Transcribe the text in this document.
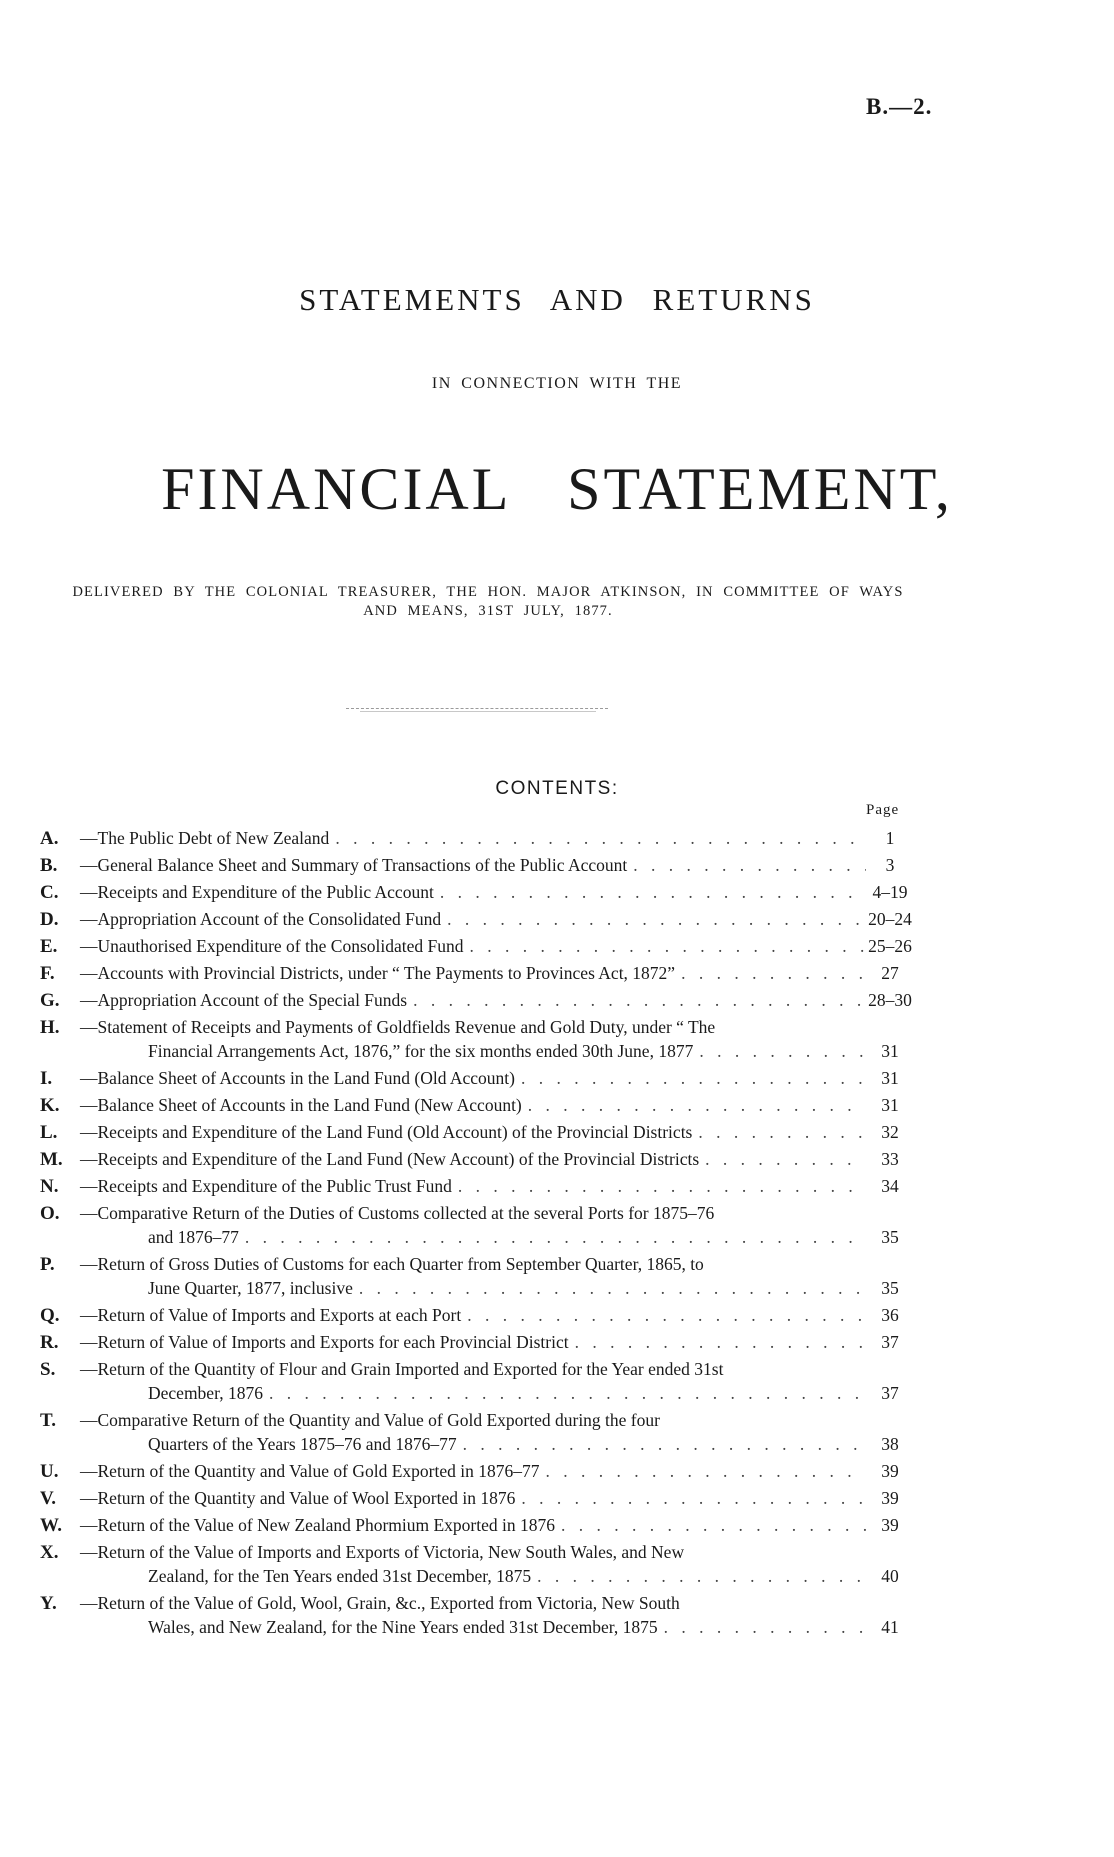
B.—2.
STATEMENTS AND RETURNS
IN CONNECTION WITH THE
FINANCIAL STATEMENT,
DELIVERED BY THE COLONIAL TREASURER, THE HON. MAJOR ATKINSON, IN COMMITTEE OF WAYS AND MEANS, 31ST JULY, 1877.
CONTENTS:
Page
A.	—The Public Debt of New Zealand . . .	1
B.	—General Balance Sheet and Summary of Transactions of the Public Account . . .	3
C.	—Receipts and Expenditure of the Public Account . . .	4–19
D.	—Appropriation Account of the Consolidated Fund . . .	20–24
E.	—Unauthorised Expenditure of the Consolidated Fund . . .	25–26
F.	—Accounts with Provincial Districts, under “ The Payments to Provinces Act, 1872” . . .	27
G.	—Appropriation Account of the Special Funds . . .	28–30
H.	—Statement of Receipts and Payments of Goldfields Revenue and Gold Duty, under “ The
Financial Arrangements Act, 1876,” for the six months ended 30th June, 1877 . . .	31
I.	—Balance Sheet of Accounts in the Land Fund (Old Account) . . .	31
K.	—Balance Sheet of Accounts in the Land Fund (New Account) . . .	31
L.	—Receipts and Expenditure of the Land Fund (Old Account) of the Provincial Districts . . .	32
M. —Receipts and Expenditure of the Land Fund (New Account) of the Provincial Districts . . .	33
N.	—Receipts and Expenditure of the Public Trust Fund . . .	34
O.	—Comparative Return of the Duties of Customs collected at the several Ports for 1875–76
and 1876–77 . . .	35
P.	—Return of Gross Duties of Customs for each Quarter from September Quarter, 1865, to
June Quarter, 1877, inclusive . . .	35
Q.	—Return of Value of Imports and Exports at each Port . . .	36
R.	—Return of Value of Imports and Exports for each Provincial District . . .	37
S.	—Return of the Quantity of Flour and Grain Imported and Exported for the Year ended 31st
December, 1876 . . .	37
T.	—Comparative Return of the Quantity and Value of Gold Exported during the four
Quarters of the Years 1875–76 and 1876–77 . . .	38
U.	—Return of the Quantity and Value of Gold Exported in 1876–77 . . .	39
V.	—Return of the Quantity and Value of Wool Exported in 1876 . . .	39
W.	—Return of the Value of New Zealand Phormium Exported in 1876 . . .	39
X.	—Return of the Value of Imports and Exports of Victoria, New South Wales, and New
Zealand, for the Ten Years ended 31st December, 1875 . . .	40
Y.	—Return of the Value of Gold, Wool, Grain, &c., Exported from Victoria, New South
Wales, and New Zealand, for the Nine Years ended 31st December, 1875 . . .	41
